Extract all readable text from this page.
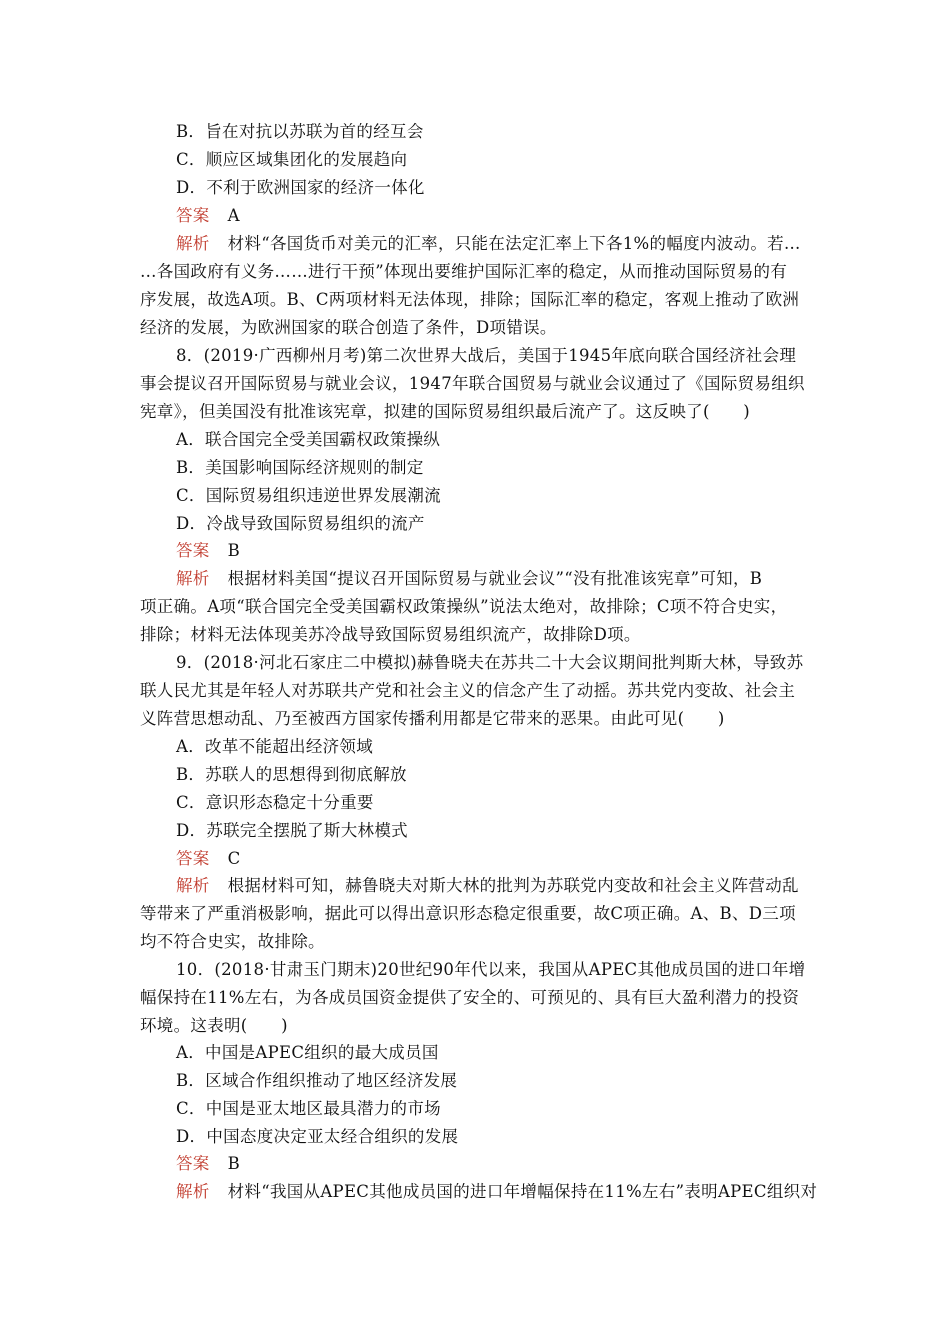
B．旨在对抗以苏联为首的经互会
C．顺应区域集团化的发展趋向
D．不利于欧洲国家的经济一体化
答案 A
解析 材料“各国货币对美元的汇率，只能在法定汇率上下各1%的幅度内波动。若…
…各国政府有义务……进行干预”体现出要维护国际汇率的稳定，从而推动国际贸易的有
序发展，故选A项。B、C两项材料无法体现，排除；国际汇率的稳定，客观上推动了欧洲
经济的发展，为欧洲国家的联合创造了条件，D项错误。
8．(2019·广西柳州月考)第二次世界大战后，美国于1945年底向联合国经济社会理
事会提议召开国际贸易与就业会议，1947年联合国贸易与就业会议通过了《国际贸易组织
宪章》，但美国没有批准该宪章，拟建的国际贸易组织最后流产了。这反映了(　　)
A．联合国完全受美国霸权政策操纵
B．美国影响国际经济规则的制定
C．国际贸易组织违逆世界发展潮流
D．冷战导致国际贸易组织的流产
答案 B
解析 根据材料美国“提议召开国际贸易与就业会议”“没有批准该宪章”可知，B
项正确。A项“联合国完全受美国霸权政策操纵”说法太绝对，故排除；C项不符合史实，
排除；材料无法体现美苏冷战导致国际贸易组织流产，故排除D项。
9．(2018·河北石家庄二中模拟)赫鲁晓夫在苏共二十大会议期间批判斯大林，导致苏
联人民尤其是年轻人对苏联共产党和社会主义的信念产生了动摇。苏共党内变故、社会主
义阵营思想动乱、乃至被西方国家传播利用都是它带来的恶果。由此可见(　　)
A．改革不能超出经济领域
B．苏联人的思想得到彻底解放
C．意识形态稳定十分重要
D．苏联完全摆脱了斯大林模式
答案 C
解析 根据材料可知，赫鲁晓夫对斯大林的批判为苏联党内变故和社会主义阵营动乱
等带来了严重消极影响，据此可以得出意识形态稳定很重要，故C项正确。A、B、D三项
均不符合史实，故排除。
10．(2018·甘肃玉门期末)20世纪90年代以来，我国从APEC其他成员国的进口年增
幅保持在11%左右，为各成员国资金提供了安全的、可预见的、具有巨大盈利潜力的投资
环境。这表明(　　)
A．中国是APEC组织的最大成员国
B．区域合作组织推动了地区经济发展
C．中国是亚太地区最具潜力的市场
D．中国态度决定亚太经合组织的发展
答案 B
解析 材料“我国从APEC其他成员国的进口年增幅保持在11%左右”表明APEC组织对
